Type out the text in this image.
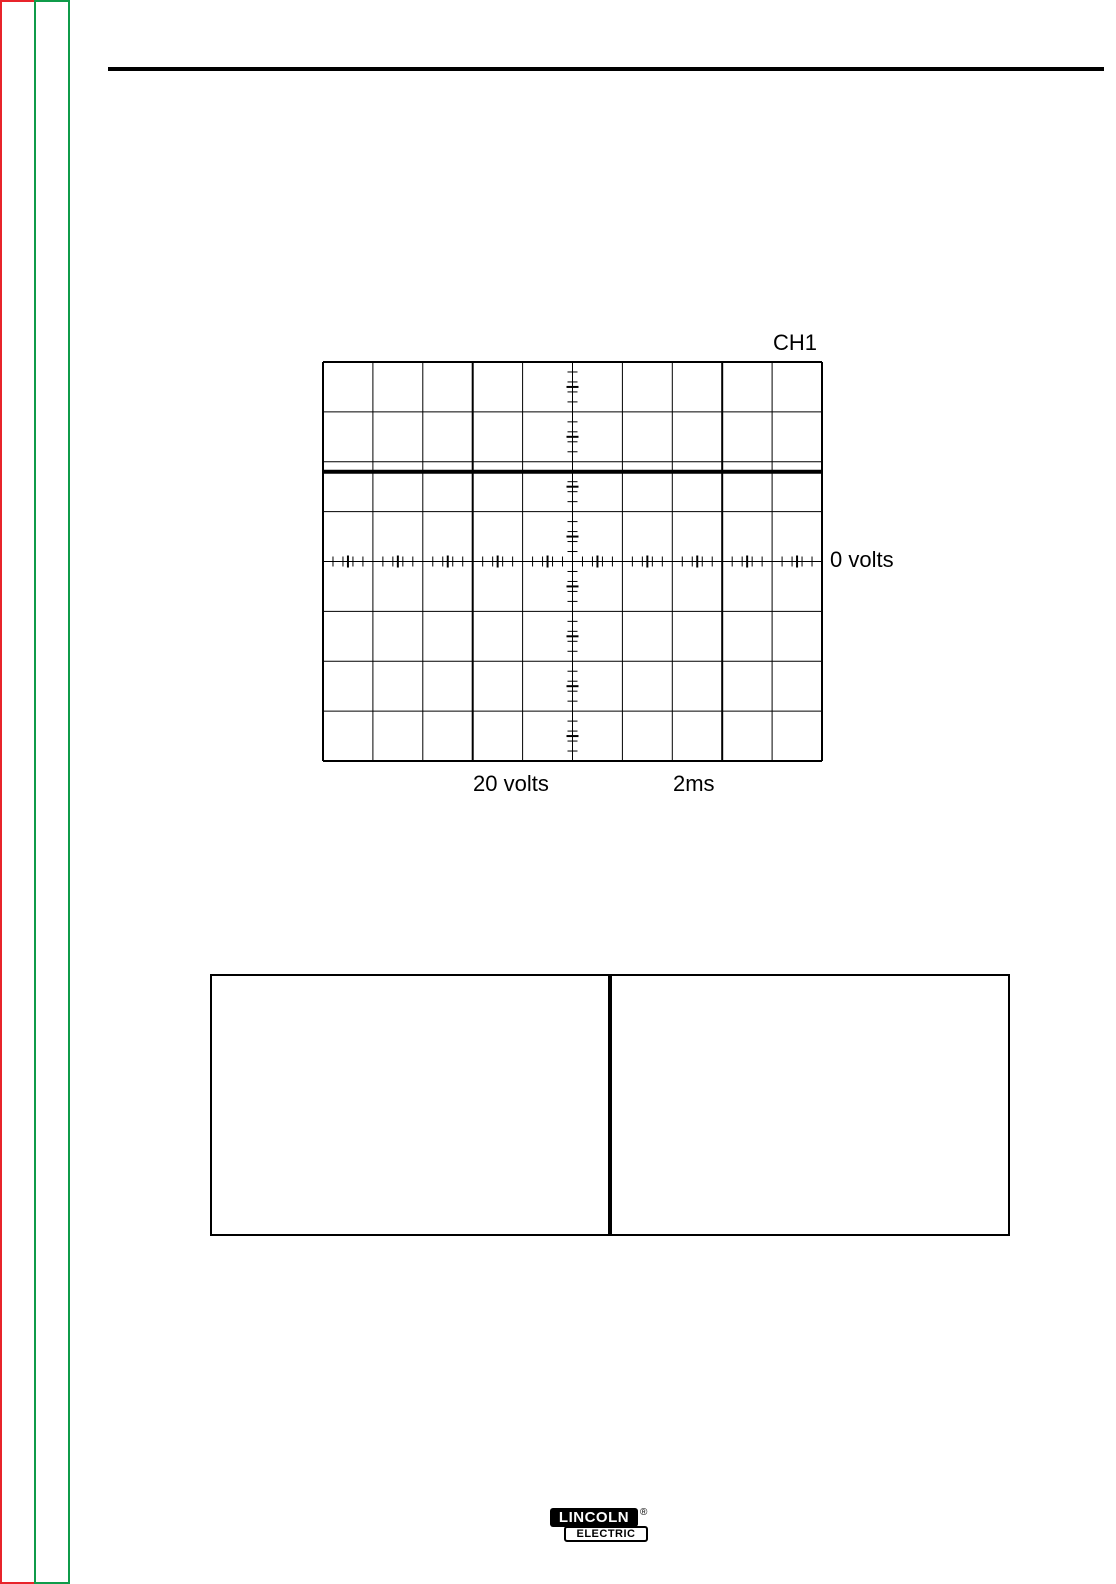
CH1
0 volts
20 volts	2ms
LINCOLN	®
ELECTRIC
